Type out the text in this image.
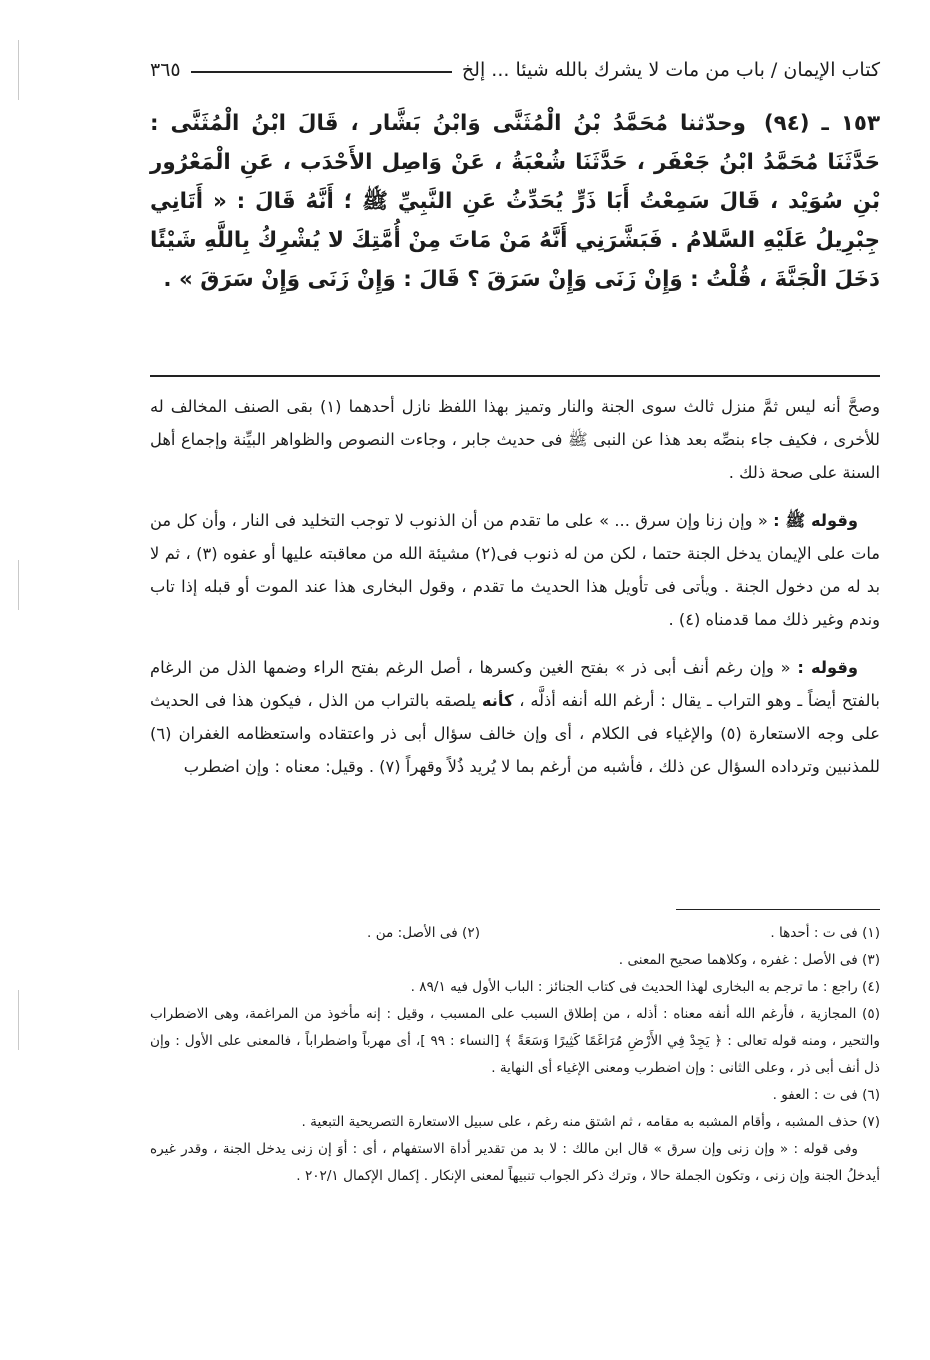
كتاب الإيمان / باب من مات لا يشرك بالله شيئا ... إلخ
٣٦٥
١٥٣ ـ (٩٤) وحدّثنا مُحَمَّدُ بْنُ الْمُثَنَّى وَابْنُ بَشَّار ، قَالَ ابْنُ الْمُثَنَّى : حَدَّثَنَا مُحَمَّدُ ابْنُ جَعْفَر ، حَدَّثَنَا شُعْبَةُ ، عَنْ وَاصِل الأَحْدَب ، عَنِ الْمَعْرُور بْنِ سُوَيْد ، قَالَ سَمِعْتُ أَبَا ذَرٍّ يُحَدِّثُ عَنِ النَّبِيِّ ﷺ ؛ أَنَّهُ قَالَ : « أَتَانِي جِبْرِيلُ عَلَيْهِ السَّلامُ . فَبَشَّرَنِي أَنَّهُ مَنْ مَاتَ مِنْ أُمَّتِكَ لا يُشْرِكُ بِاللَّهِ شَيْئًا دَخَلَ الْجَنَّةَ ، قُلْتُ : وَإِنْ زَنَى وَإِنْ سَرَقَ ؟ قَالَ : وَإِنْ زَنَى وَإِنْ سَرَقَ » .

وصحَّ أنه ليس ثمَّ منزل ثالث سوى الجنة والنار وتميز بهذا اللفظ نازل أحدهما (١) بقى الصنف المخالف له للأخرى ، فكيف جاء بنصِّه بعد هذا عن النبى ﷺ فى حديث جابر ، وجاءت النصوص والظواهر البيِّنة وإجماع أهل السنة على صحة ذلك .

وقوله ﷺ : « وإن زنا وإن سرق ... » على ما تقدم من أن الذنوب لا توجب التخليد فى النار ، وأن كل من مات على الإيمان يدخل الجنة حتما ، لكن من له ذنوب فى(٢) مشيئة الله من معاقبته عليها أو عفوه (٣) ، ثم لا بد له من دخول الجنة . ويأتى فى تأويل هذا الحديث ما تقدم ، وقول البخارى هذا عند الموت أو قبله إذا تاب وندم وغير ذلك مما قدمناه (٤) .

وقوله : « وإن رغم أنف أبى ذر » بفتح الغين وكسرها ، أصل الرغم بفتح الراء وضمها الذل من الرغام بالفتح أيضاً ـ وهو التراب ـ يقال : أرغم الله أنفه أذلَّه ، كأنه يلصقه بالتراب من الذل ، فيكون هذا فى الحديث على وجه الاستعارة (٥) والإغياء فى الكلام ، أى وإن خالف سؤال أبى ذر واعتقاده واستعظامه الغفران (٦) للمذنبين وترداده السؤال عن ذلك ، فأشبه من أرغم بما لا يُريد ذُلاً وقهراً (٧) . وقيل: معناه : وإن اضطرب

(١) فى ت : أحدها .
(٢) فى الأصل: من .
(٣) فى الأصل : غفره ، وكلاهما صحيح المعنى .
(٤) راجع : ما ترجم به البخارى لهذا الحديث فى كتاب الجنائز : الباب الأول فيه ٨٩/١ .
(٥) المجازية ، فأرغم الله أنفه معناه : أذله ، من إطلاق السبب على المسبب ، وقيل : إنه مأخوذ من المراغمة، وهى الاضطراب والتحير ، ومنه قوله تعالى : ﴿ يَجِدْ فِي الأَرْضِ مُرَاغَمًا كَثِيرًا وَسَعَةً ﴾ [النساء : ٩٩ ]، أى مهرباً واضطراباً ، فالمعنى على الأول : وإن ذل أنف أبى ذر ، وعلى الثانى : وإن اضطرب ومعنى الإغياء أى النهاية .
(٦) فى ت : العفو .
(٧) حذف المشبه ، وأقام المشبه به مقامه ، ثم اشتق منه رغم ، على سبيل الاستعارة التصريحية التبعية .
وفى قوله : « وإن زنى وإن سرق » قال ابن مالك : لا بد من تقدير أداة الاستفهام ، أى : أوَ إن زنى يدخل الجنة ، وقدر غيره أيدخلُ الجنة وإن زنى ، وتكون الجملة حالا ، وترك ذكر الجواب تنبيهاً لمعنى الإنكار . إكمال الإكمال ٢٠٢/١ .
